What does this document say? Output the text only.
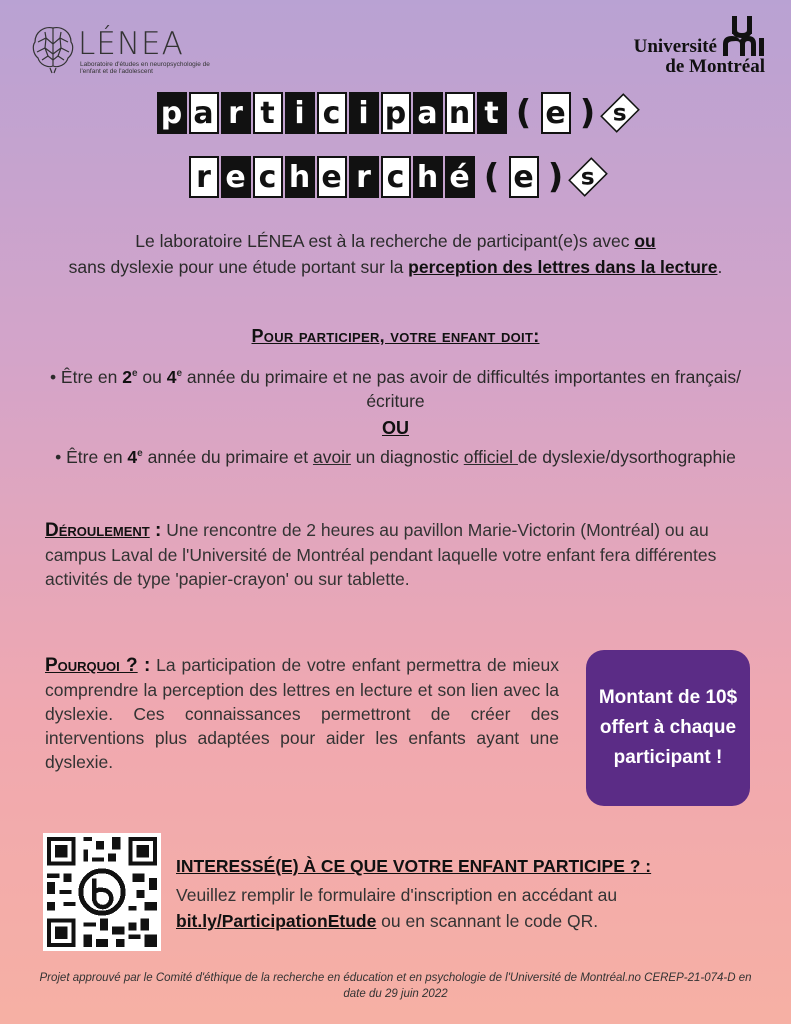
LÉNEA
Laboratoire d'études en neuropsychologie de l'enfant et de l'adolescent
Université
de Montréal
p a r t i c i p a n t ( e ) s
r e c h e r c h é ( e ) s
Le laboratoire LÉNEA est à la recherche de participant(e)s avec ou
sans dyslexie pour une étude portant sur la perception des lettres dans la lecture.
Pour participer, votre enfant doit:
• Être en 2e ou 4e année du primaire et ne pas avoir de difficultés importantes en français/écriture
OU
• Être en 4e année du primaire et avoir un diagnostic officiel de dyslexie/dysorthographie
Déroulement : Une rencontre de 2 heures au pavillon Marie-Victorin (Montréal) ou au campus Laval de l'Université de Montréal pendant laquelle votre enfant fera différentes activités de type 'papier-crayon' ou sur tablette.
Pourquoi ? : La participation de votre enfant permettra de mieux comprendre la perception des lettres en lecture et son lien avec la dyslexie. Ces connaissances permettront de créer des interventions plus adaptées pour aider les enfants ayant une dyslexie.
Montant de 10$ offert à chaque participant !
INTERESSÉ(E) À CE QUE VOTRE ENFANT PARTICIPE ? :
Veuillez remplir le formulaire d'inscription en accédant au bit.ly/ParticipationEtude ou en scannant le code QR.
Projet approuvé par le Comité d'éthique de la recherche en éducation et en psychologie de l'Université de Montréal.no CEREP-21-074-D en date du 29 juin 2022
